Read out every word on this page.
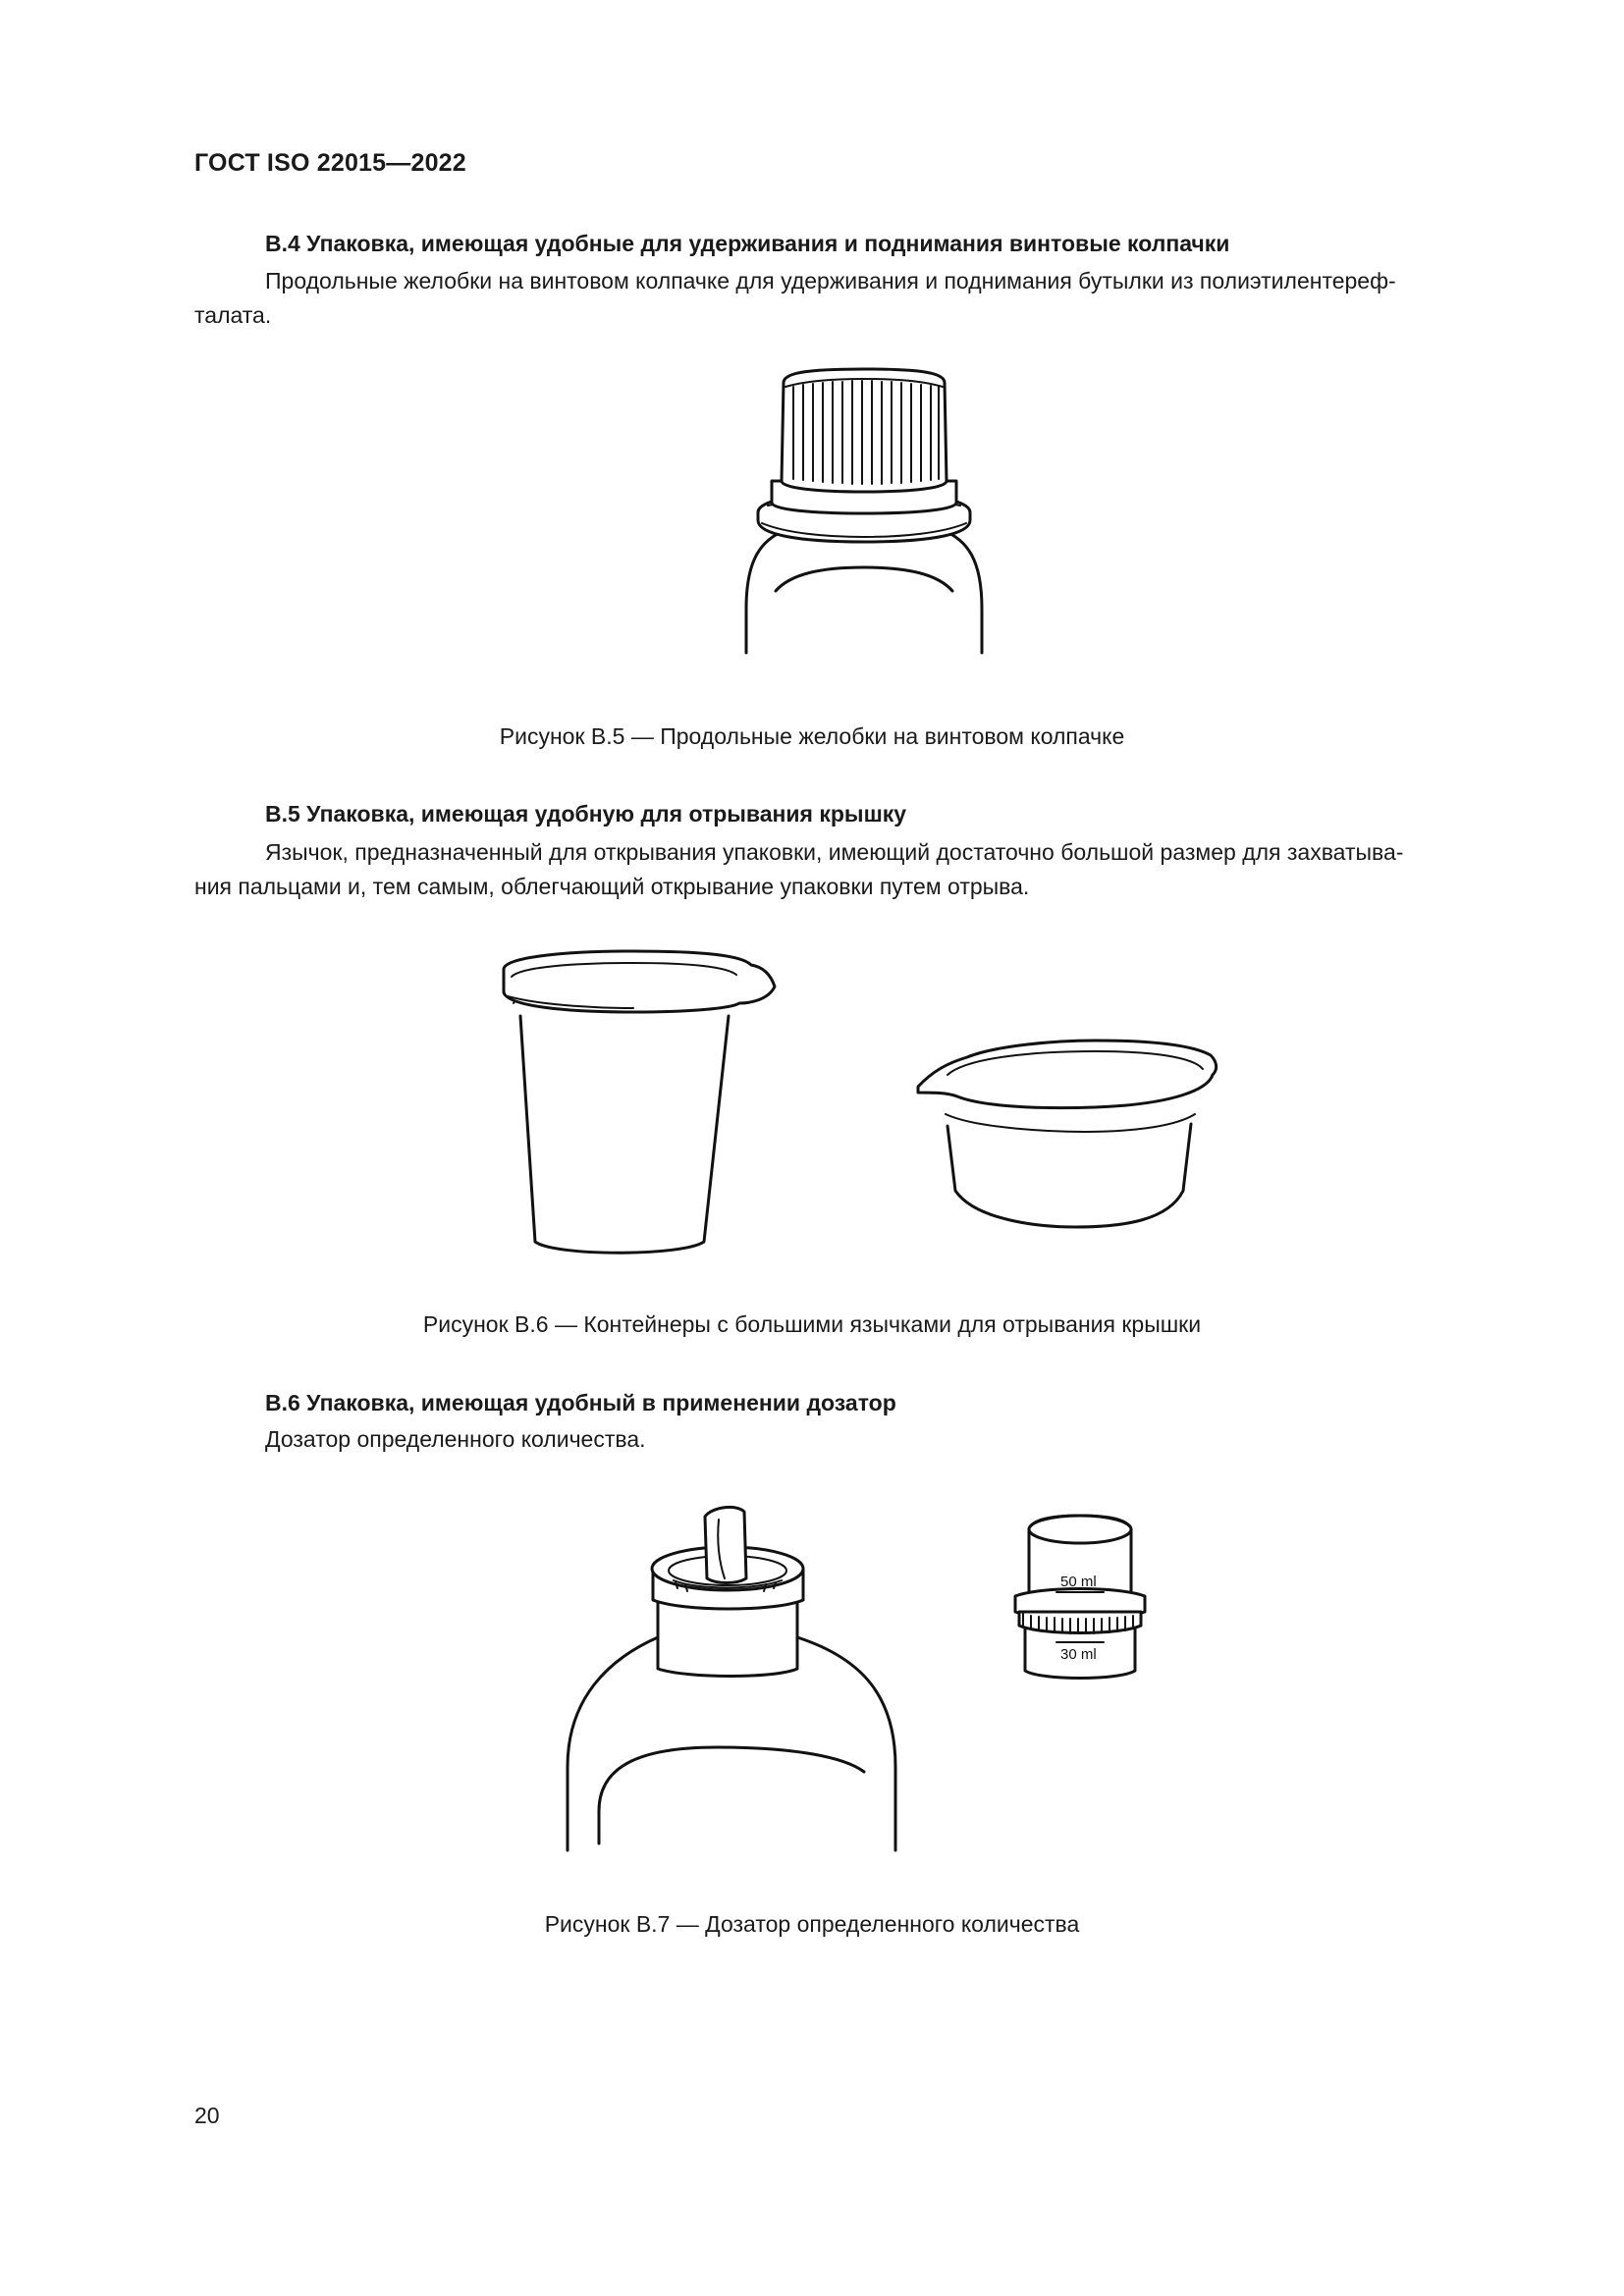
ГОСТ ISO 22015—2022
В.4 Упаковка, имеющая удобные для удерживания и поднимания винтовые колпачки
Продольные желобки на винтовом колпачке для удерживания и поднимания бутылки из полиэтилентереф-
талата.
Рисунок В.5 — Продольные желобки на винтовом колпачке
В.5 Упаковка, имеющая удобную для отрывания крышку
Язычок, предназначенный для открывания упаковки, имеющий достаточно большой размер для захватыва-
ния пальцами и, тем самым, облегчающий открывание упаковки путем отрыва.
Рисунок В.6 — Контейнеры с большими язычками для отрывания крышки
В.6 Упаковка, имеющая удобный в применении дозатор
Дозатор определенного количества.
50 ml
30 ml
Рисунок В.7 — Дозатор определенного количества
20
